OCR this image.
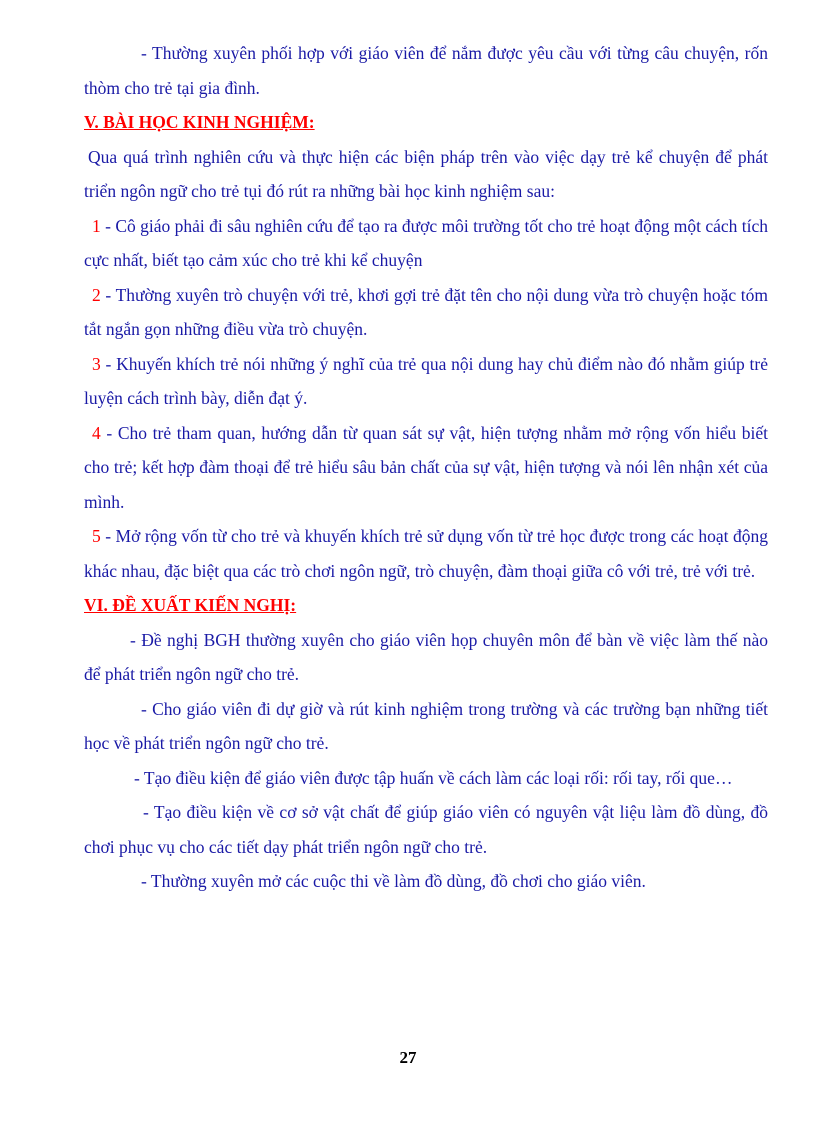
- Thường xuyên phối hợp với giáo viên để nắm được yêu cầu với từng câu chuyện, rốn thòm cho trẻ tại gia đình.

V. BÀI HỌC KINH NGHIỆM:

Qua quá trình nghiên cứu và thực hiện các biện pháp trên vào việc dạy trẻ kể chuyện để phát triển ngôn ngữ cho trẻ tụi đó rút ra những bài học kinh nghiệm sau:

1 - Cô giáo phải đi sâu nghiên cứu để tạo ra được môi trường tốt cho trẻ hoạt động một cách tích cực nhất, biết tạo cảm xúc cho trẻ khi kể chuyện

2 - Thường xuyên trò chuyện với trẻ, khơi gợi trẻ đặt tên cho nội dung vừa trò chuyện hoặc tóm tắt ngắn gọn những điều vừa trò chuyện.

3 - Khuyến khích trẻ nói những ý nghĩ của trẻ qua nội dung hay chủ điểm nào đó nhằm giúp trẻ luyện cách trình bày, diễn đạt ý.

4 - Cho trẻ tham quan, hướng dẫn từ quan sát sự vật, hiện tượng nhằm mở rộng vốn hiểu biết cho trẻ; kết hợp đàm thoại để trẻ hiểu sâu bản chất của sự vật, hiện tượng và nói lên nhận xét của mình.

5 - Mở rộng vốn từ cho trẻ và khuyến khích trẻ sử dụng vốn từ trẻ học được trong các hoạt động khác nhau, đặc biệt qua các trò chơi ngôn ngữ, trò chuyện, đàm thoại giữa cô với trẻ, trẻ với trẻ.

VI. ĐỀ XUẤT KIẾN NGHỊ:

- Đề nghị BGH thường xuyên cho giáo viên họp chuyên môn để bàn về việc làm thế nào để phát triển ngôn ngữ cho trẻ.

- Cho giáo viên đi dự giờ và rút kinh nghiệm trong trường và các trường bạn những tiết học về phát triển ngôn ngữ cho trẻ.

- Tạo điều kiện để giáo viên được tập huấn về cách làm các loại rối: rối tay, rối que…

- Tạo điều kiện về cơ sở vật chất để giúp giáo viên có nguyên vật liệu làm đồ dùng, đồ chơi phục vụ cho các tiết dạy phát triển ngôn ngữ cho trẻ.

- Thường xuyên mở các cuộc thi về làm đồ dùng, đồ chơi cho giáo viên.

27
